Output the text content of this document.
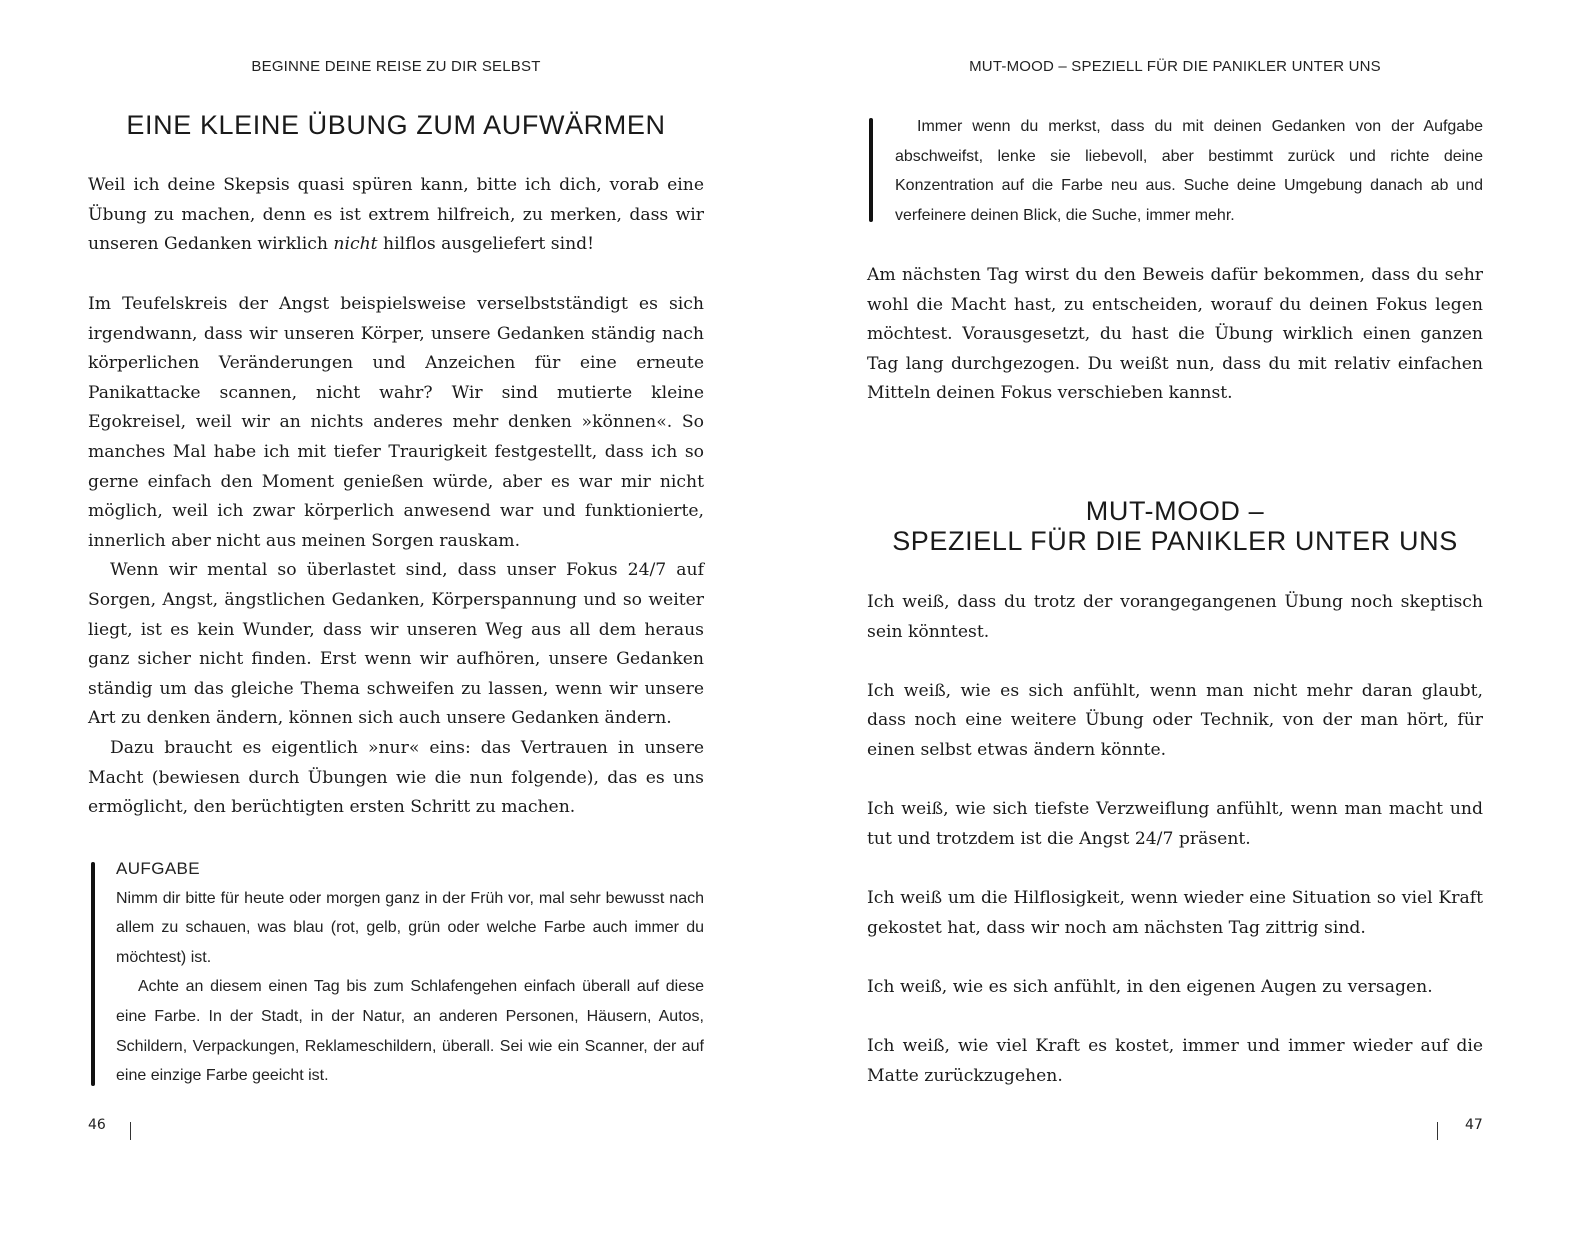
BEGINNE DEINE REISE ZU DIR SELBST
EINE KLEINE ÜBUNG ZUM AUFWÄRMEN

Weil ich deine Skepsis quasi spüren kann, bitte ich dich, vorab eine Übung zu machen, denn es ist extrem hilfreich, zu merken, dass wir unseren Gedanken wirklich nicht hilflos ausgeliefert sind!

Im Teufelskreis der Angst beispielsweise verselbstständigt es sich irgendwann, dass wir unseren Körper, unsere Gedanken ständig nach körperlichen Veränderungen und Anzeichen für eine erneute Panikattacke scannen, nicht wahr? Wir sind mutierte kleine Egokreisel, weil wir an nichts anderes mehr denken »können«. So manches Mal habe ich mit tiefer Traurigkeit festgestellt, dass ich so gerne einfach den Moment genießen würde, aber es war mir nicht möglich, weil ich zwar körperlich anwesend war und funktionierte, innerlich aber nicht aus meinen Sorgen rauskam.

Wenn wir mental so überlastet sind, dass unser Fokus 24/7 auf Sorgen, Angst, ängstlichen Gedanken, Körperspannung und so weiter liegt, ist es kein Wunder, dass wir unseren Weg aus all dem heraus ganz sicher nicht finden. Erst wenn wir aufhören, unsere Gedanken ständig um das gleiche Thema schweifen zu lassen, wenn wir unsere Art zu denken ändern, können sich auch unsere Gedanken ändern.

Dazu braucht es eigentlich »nur« eins: das Vertrauen in unsere Macht (bewiesen durch Übungen wie die nun folgende), das es uns ermöglicht, den berüchtigten ersten Schritt zu machen.

AUFGABE

Nimm dir bitte für heute oder morgen ganz in der Früh vor, mal sehr bewusst nach allem zu schauen, was blau (rot, gelb, grün oder welche Farbe auch immer du möchtest) ist.

Achte an diesem einen Tag bis zum Schlafengehen einfach überall auf diese eine Farbe. In der Stadt, in der Natur, an anderen Personen, Häusern, Autos, Schildern, Verpackungen, Reklameschildern, überall. Sei wie ein Scanner, der auf eine einzige Farbe geeicht ist.

46
MUT-MOOD – SPEZIELL FÜR DIE PANIKLER UNTER UNS

Immer wenn du merkst, dass du mit deinen Gedanken von der Aufgabe abschweifst, lenke sie liebevoll, aber bestimmt zurück und richte deine Konzentration auf die Farbe neu aus. Suche deine Umgebung danach ab und verfeinere deinen Blick, die Suche, immer mehr.

Am nächsten Tag wirst du den Beweis dafür bekommen, dass du sehr wohl die Macht hast, zu entscheiden, worauf du deinen Fokus legen möchtest. Vorausgesetzt, du hast die Übung wirklich einen ganzen Tag lang durchgezogen. Du weißt nun, dass du mit relativ einfachen Mitteln deinen Fokus verschieben kannst.

MUT-MOOD –
SPEZIELL FÜR DIE PANIKLER UNTER UNS

Ich weiß, dass du trotz der vorangegangenen Übung noch skeptisch sein könntest.

Ich weiß, wie es sich anfühlt, wenn man nicht mehr daran glaubt, dass noch eine weitere Übung oder Technik, von der man hört, für einen selbst etwas ändern könnte.

Ich weiß, wie sich tiefste Verzweiflung anfühlt, wenn man macht und tut und trotzdem ist die Angst 24/7 präsent.

Ich weiß um die Hilflosigkeit, wenn wieder eine Situation so viel Kraft gekostet hat, dass wir noch am nächsten Tag zittrig sind.

Ich weiß, wie es sich anfühlt, in den eigenen Augen zu versagen.

Ich weiß, wie viel Kraft es kostet, immer und immer wieder auf die Matte zurückzugehen.

47
